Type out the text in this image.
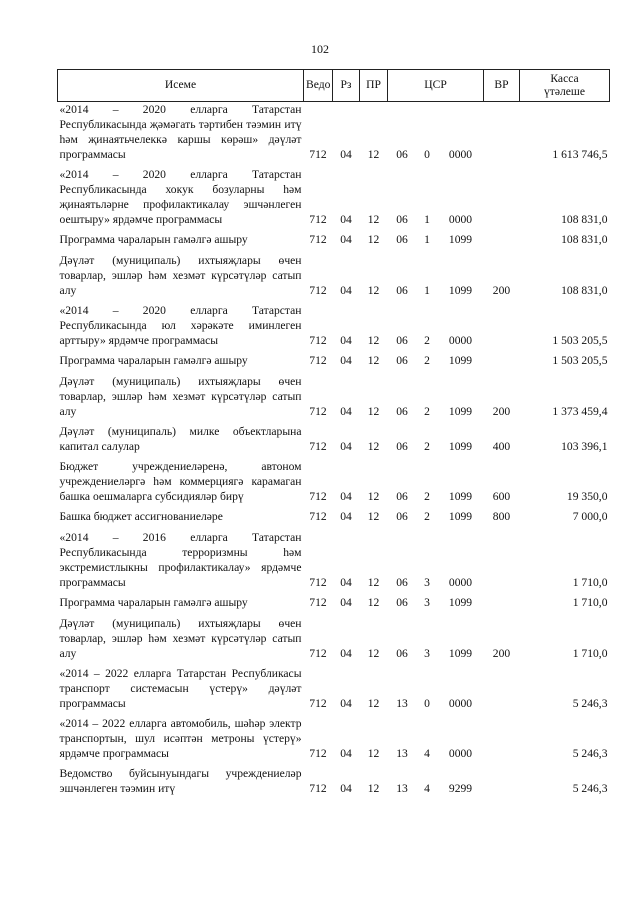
102
Исеме	Ведо	Рз	ПР	ЦСР			ВР	Касса
үтәлеше

«2014 – 2020 елларга Татарстан Республикасында җәмәгать тәртибен тәэмин итү һәм җинаятьчелеккә каршы көрәш» дәүләт программасы	712	04	12	06	0	0000		1 613 746,5
«2014 – 2020 елларга Татарстан Республикасында хокук бозуларны һәм җинаятьләрне профилактикалау эшчәнлеген оештыру» ярдәмче программасы	712	04	12	06	1	0000		108 831,0
Программа чараларын гамәлгә ашыру	712	04	12	06	1	1099		108 831,0
Дәүләт (муниципаль) ихтыяҗлары өчен товарлар, эшләр һәм хезмәт күрсәтүләр сатып алу	712	04	12	06	1	1099	200	108 831,0
«2014 – 2020 елларга Татарстан Республикасында юл хәрәкәте иминлеген арттыру» ярдәмче программасы	712	04	12	06	2	0000		1 503 205,5
Программа чараларын гамәлгә ашыру	712	04	12	06	2	1099		1 503 205,5
Дәүләт (муниципаль) ихтыяҗлары өчен товарлар, эшләр һәм хезмәт күрсәтүләр сатып алу	712	04	12	06	2	1099	200	1 373 459,4
Дәүләт (муниципаль) милке объектларына капитал салулар	712	04	12	06	2	1099	400	103 396,1
Бюджет учреждениеләренә, автоном учреждениеләргә һәм коммерциягә карамаган башка оешмаларга субсидияләр бирү	712	04	12	06	2	1099	600	19 350,0
Башка бюджет ассигнованиеләре	712	04	12	06	2	1099	800	7 000,0
«2014 – 2016 елларга Татарстан Республикасында терроризмны һәм экстремистлыкны профилактикалау» ярдәмче программасы	712	04	12	06	3	0000		1 710,0
Программа чараларын гамәлгә ашыру	712	04	12	06	3	1099		1 710,0
Дәүләт (муниципаль) ихтыяҗлары өчен товарлар, эшләр һәм хезмәт күрсәтүләр сатып алу	712	04	12	06	3	1099	200	1 710,0
«2014 – 2022 елларга Татарстан Республикасы транспорт системасын үстерү» дәүләт программасы	712	04	12	13	0	0000		5 246,3
«2014 – 2022 елларга автомобиль, шәһәр электр транспортын, шул исәптән метроны үстерү» ярдәмче программасы	712	04	12	13	4	0000		5 246,3
Ведомство буйсынуындагы учреждениеләр эшчәнлеген тәэмин итү	712	04	12	13	4	9299		5 246,3
